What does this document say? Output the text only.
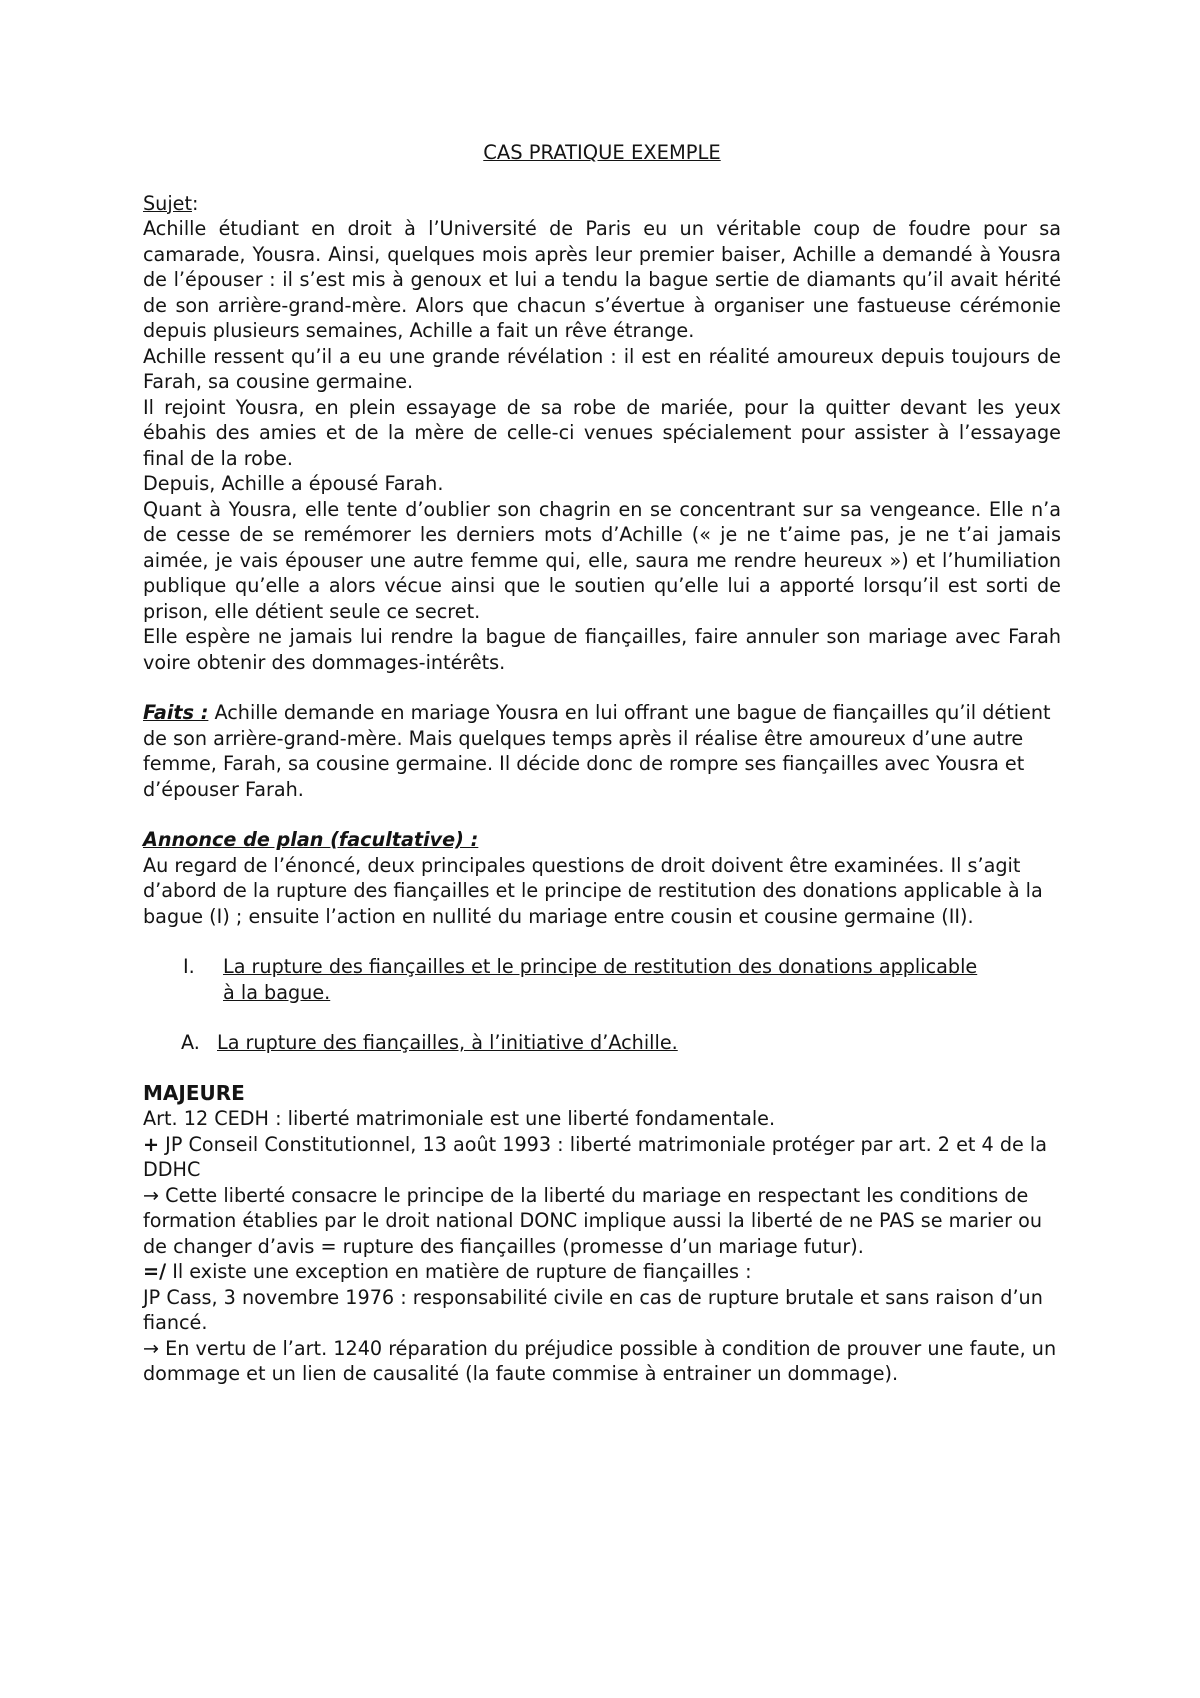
CAS PRATIQUE EXEMPLE

Sujet:

Achille étudiant en droit à l’Université de Paris eu un véritable coup de foudre pour sa camarade, Yousra. Ainsi, quelques mois après leur premier baiser, Achille a demandé à Yousra de l’épouser : il s’est mis à genoux et lui a tendu la bague sertie de diamants qu’il avait hérité de son arrière-grand-mère. Alors que chacun s’évertue à organiser une fastueuse cérémonie depuis plusieurs semaines, Achille a fait un rêve étrange.

Achille ressent qu’il a eu une grande révélation : il est en réalité amoureux depuis toujours de Farah, sa cousine germaine.

Il rejoint Yousra, en plein essayage de sa robe de mariée, pour la quitter devant les yeux ébahis des amies et de la mère de celle-ci venues spécialement pour assister à l’essayage final de la robe.

Depuis, Achille a épousé Farah.

Quant à Yousra, elle tente d’oublier son chagrin en se concentrant sur sa vengeance. Elle n’a de cesse de se remémorer les derniers mots d’Achille (« je ne t’aime pas, je ne t’ai jamais aimée, je vais épouser une autre femme qui, elle, saura me rendre heureux ») et l’humiliation publique qu’elle a alors vécue ainsi que le soutien qu’elle lui a apporté lorsqu’il est sorti de prison, elle détient seule ce secret.

Elle espère ne jamais lui rendre la bague de fiançailles, faire annuler son mariage avec Farah voire obtenir des dommages-intérêts.

Faits : Achille demande en mariage Yousra en lui offrant une bague de fiançailles qu’il détient de son arrière-grand-mère. Mais quelques temps après il réalise être amoureux d’une autre femme, Farah, sa cousine germaine. Il décide donc de rompre ses fiançailles avec Yousra et d’épouser Farah.

Annonce de plan (facultative) :

Au regard de l’énoncé, deux principales questions de droit doivent être examinées. Il s’agit d’abord de la rupture des fiançailles et le principe de restitution des donations applicable à la bague (I) ; ensuite l’action en nullité du mariage entre cousin et cousine germaine (II).

I.	La rupture des fiançailles et le principe de restitution des donations applicable à la bague.
A. La rupture des fiançailles, à l’initiative d’Achille.

MAJEURE

Art. 12 CEDH : liberté matrimoniale est une liberté fondamentale.

+ JP Conseil Constitutionnel, 13 août 1993 : liberté matrimoniale protéger par art. 2 et 4 de la DDHC

→ Cette liberté consacre le principe de la liberté du mariage en respectant les conditions de formation établies par le droit national DONC implique aussi la liberté de ne PAS se marier ou de changer d’avis = rupture des fiançailles (promesse d’un mariage futur).

=/ Il existe une exception en matière de rupture de fiançailles :

JP Cass, 3 novembre 1976 : responsabilité civile en cas de rupture brutale et sans raison d’un fiancé.

→ En vertu de l’art. 1240 réparation du préjudice possible à condition de prouver une faute, un dommage et un lien de causalité (la faute commise à entrainer un dommage).
